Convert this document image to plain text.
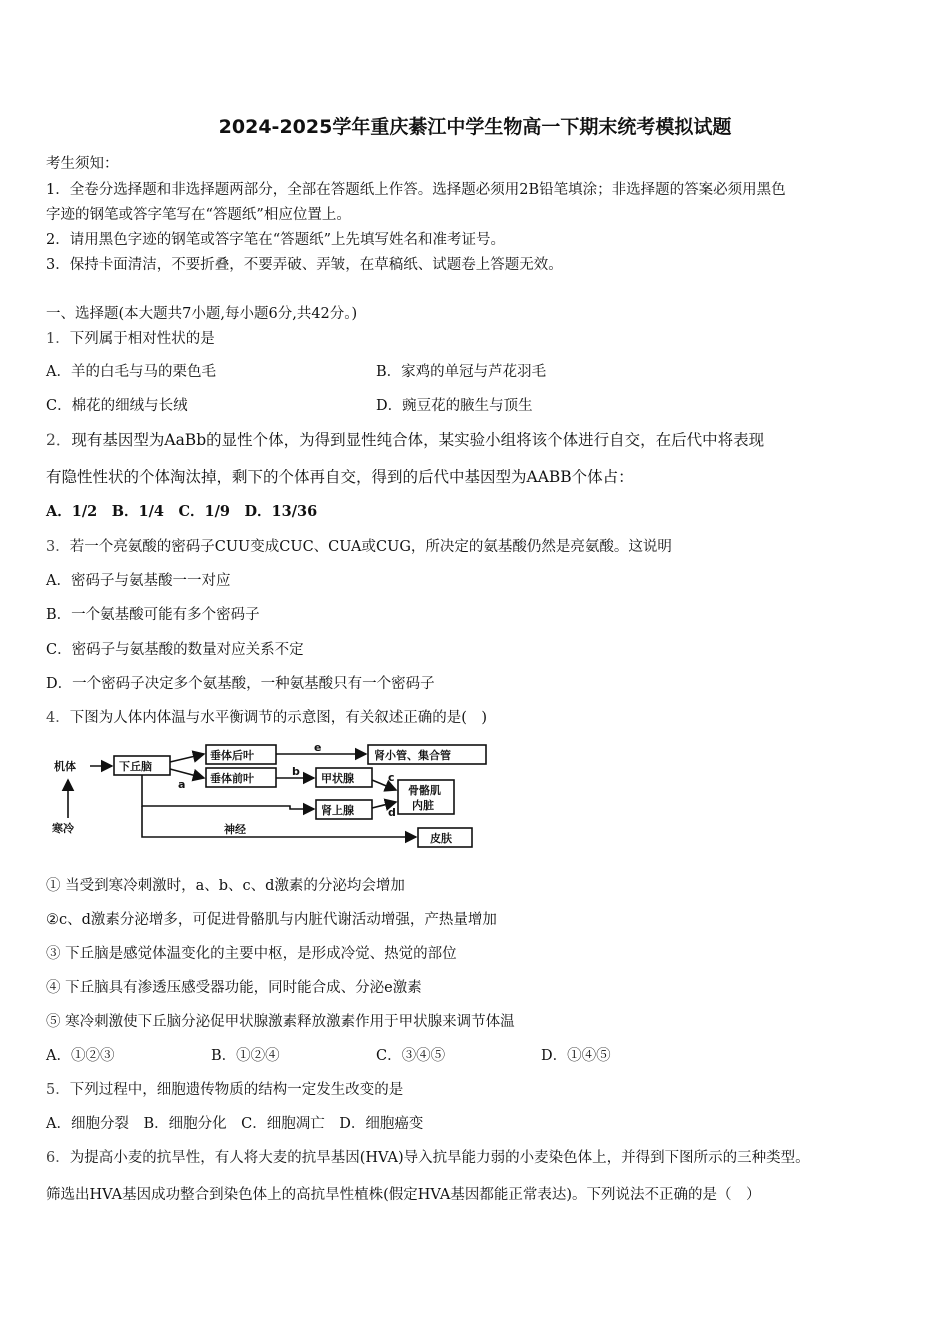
2024-2025学年重庆綦江中学生物高一下期末统考模拟试题
考生须知：
1．全卷分选择题和非选择题两部分，全部在答题纸上作答。选择题必须用2B铅笔填涂；非选择题的答案必须用黑色
字迹的钢笔或答字笔写在“答题纸”相应位置上。
2．请用黑色字迹的钢笔或答字笔在“答题纸”上先填写姓名和准考证号。
3．保持卡面清洁，不要折叠，不要弄破、弄皱，在草稿纸、试题卷上答题无效。
一、选择题(本大题共7小题,每小题6分,共42分。)
1．下列属于相对性状的是
A．羊的白毛与马的栗色毛	B．家鸡的单冠与芦花羽毛
C．棉花的细绒与长绒	D．豌豆花的腋生与顶生
2．现有基因型为AaBb的显性个体，为得到显性纯合体，某实验小组将该个体进行自交，在后代中将表现
有隐性性状的个体淘汰掉，剩下的个体再自交，得到的后代中基因型为AABB个体占：
A．1/2　B．1/4　C．1/9　D．13/36
3．若一个亮氨酸的密码子CUU变成CUC、CUA或CUG，所决定的氨基酸仍然是亮氨酸。这说明
A．密码子与氨基酸一一对应
B．一个氨基酸可能有多个密码子
C．密码子与氨基酸的数量对应关系不定
D．一个密码子决定多个氨基酸，一种氨基酸只有一个密码子
4．下图为人体内体温与水平衡调节的示意图，有关叙述正确的是(　)
机体
寒冷
下丘脑
垂体后叶
垂体前叶
肾小管、集合管
甲状腺
骨骼肌
内脏
肾上腺
皮肤
神经
a
b	c
d
e
① 当受到寒冷刺激时，a、b、c、d激素的分泌均会增加
②c、d激素分泌增多，可促进骨骼肌与内脏代谢活动增强，产热量增加
③ 下丘脑是感觉体温变化的主要中枢，是形成冷觉、热觉的部位
④ 下丘脑具有渗透压感受器功能，同时能合成、分泌e激素
⑤ 寒冷刺激使下丘脑分泌促甲状腺激素释放激素作用于甲状腺来调节体温
A．①②③	B．①②④	C．③④⑤	D．①④⑤
5．下列过程中，细胞遗传物质的结构一定发生改变的是
A．细胞分裂　B．细胞分化　C．细胞凋亡　D．细胞癌变
6．为提高小麦的抗旱性，有人将大麦的抗旱基因(HVA)导入抗旱能力弱的小麦染色体上，并得到下图所示的三种类型。
筛选出HVA基因成功整合到染色体上的高抗旱性植株(假定HVA基因都能正常表达)。下列说法不正确的是（　）
